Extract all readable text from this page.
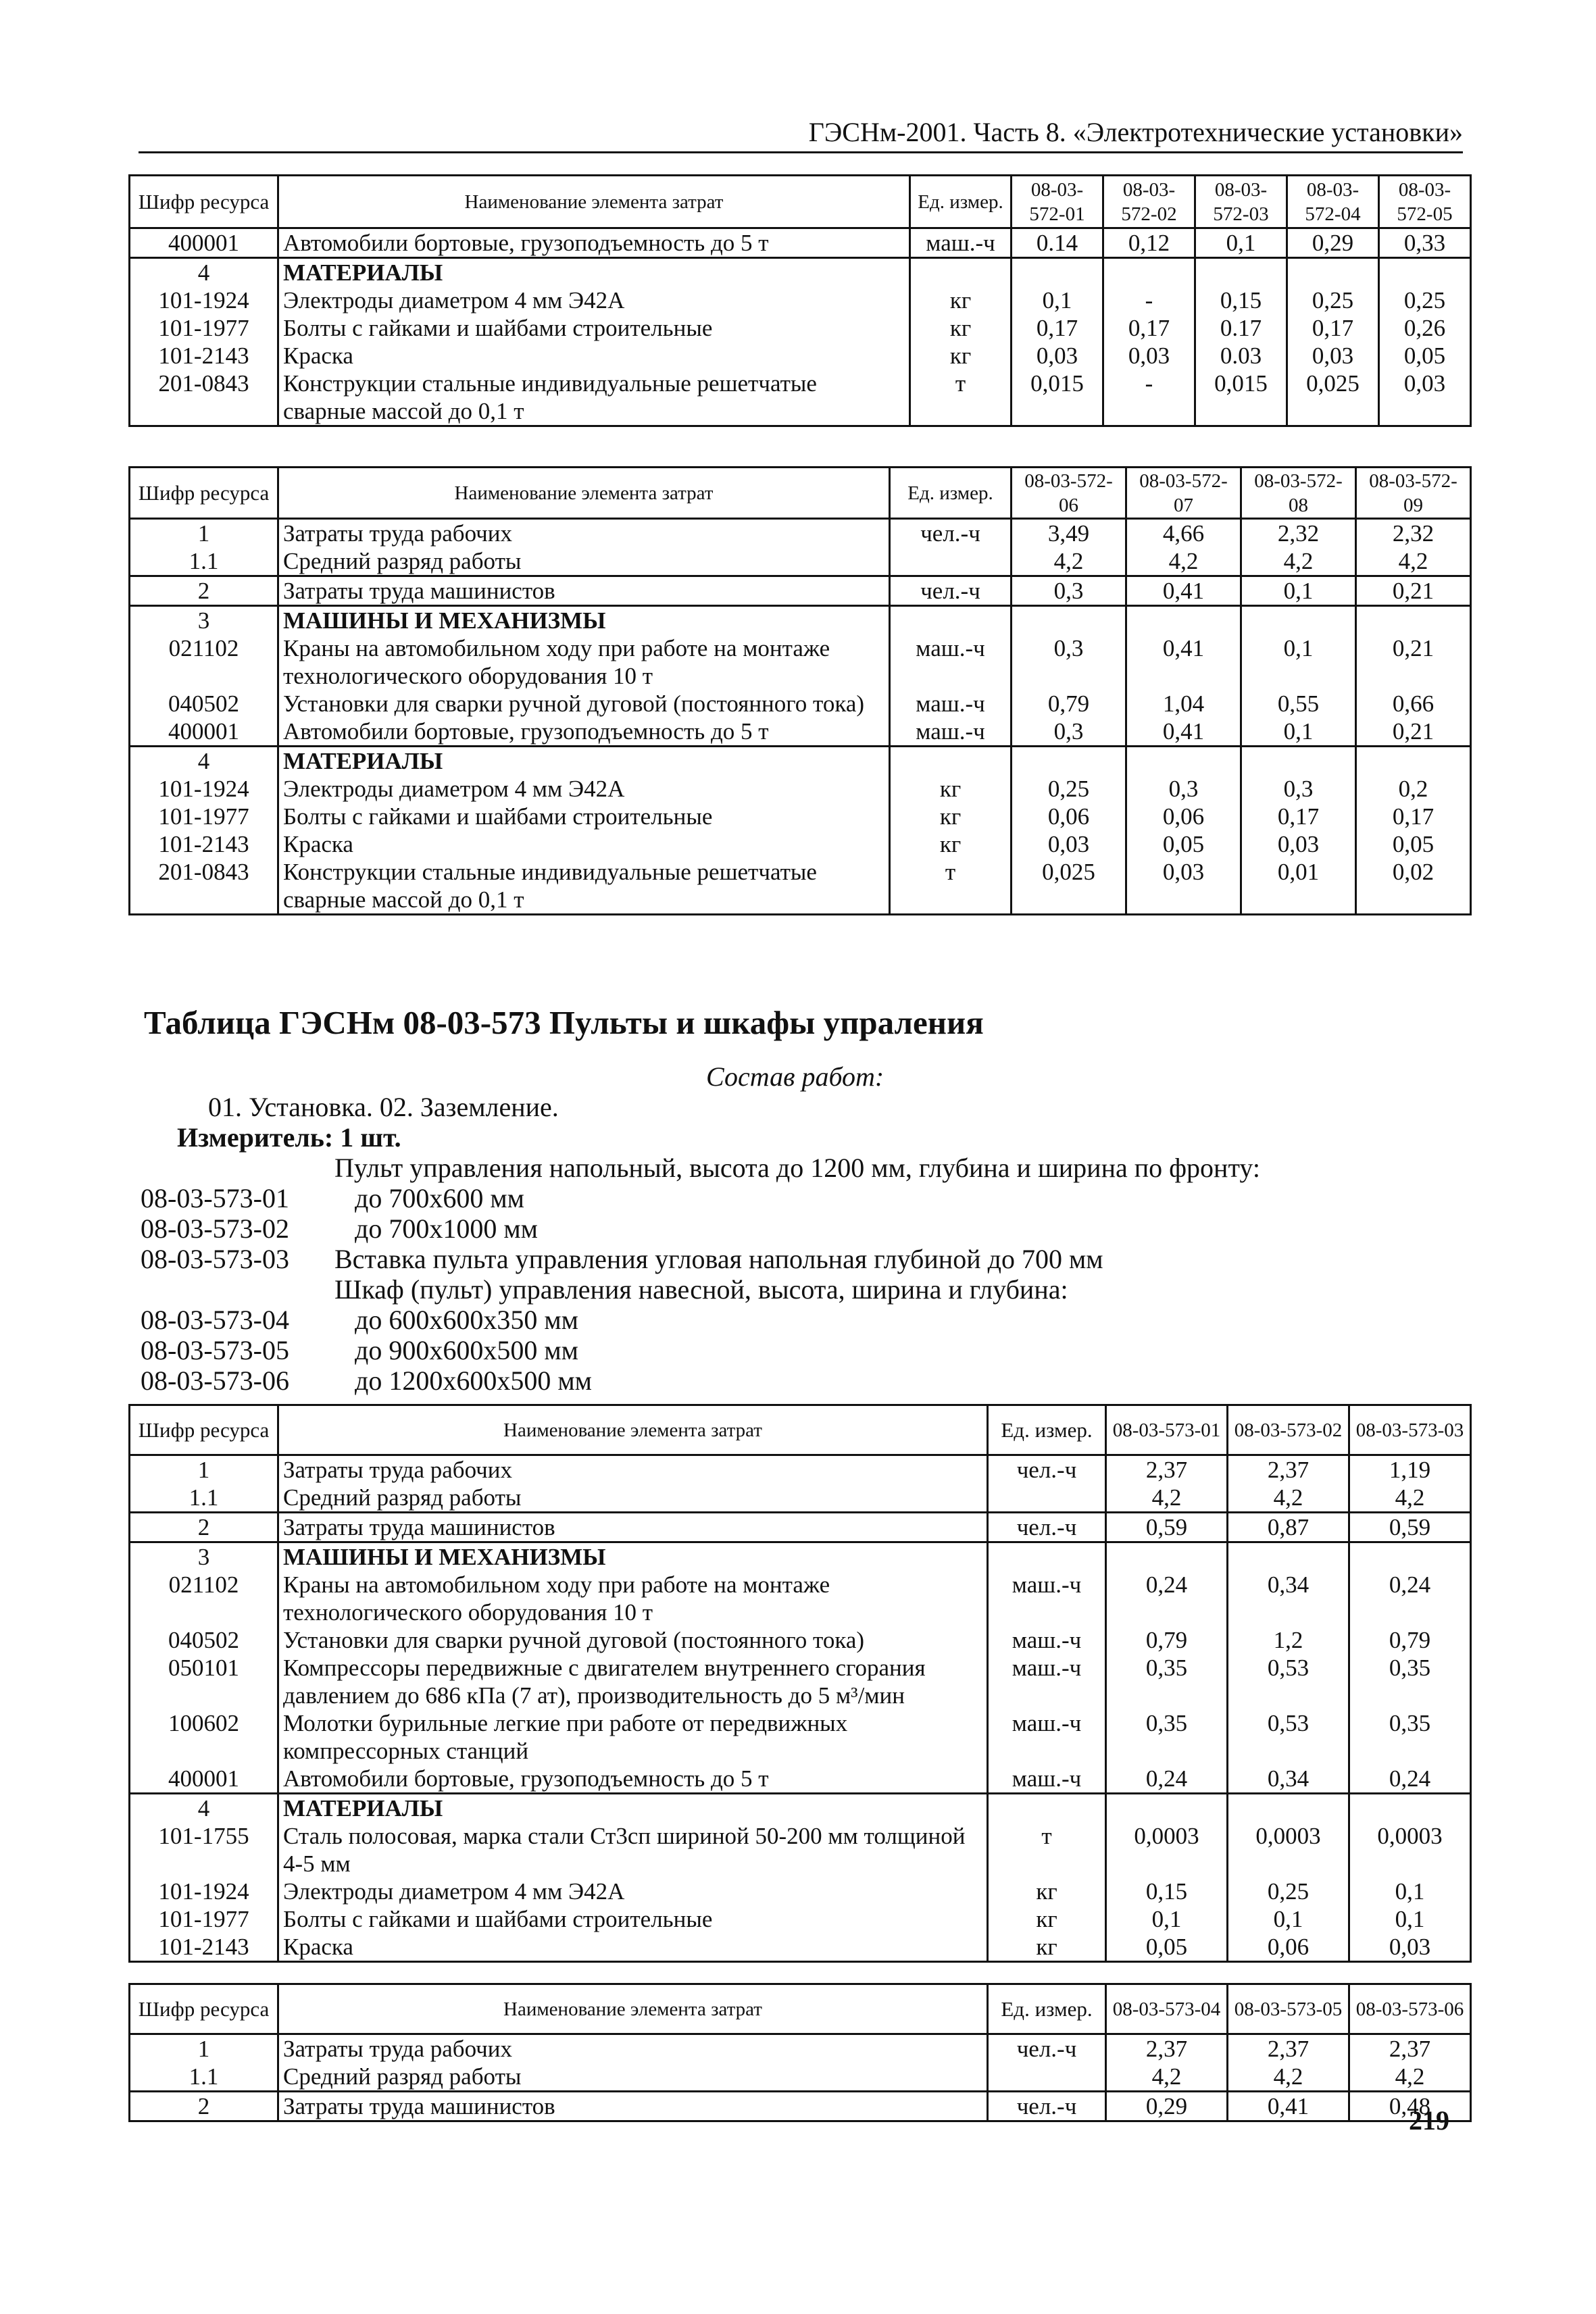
ГЭСНм-2001. Часть 8. «Электротехнические установки»
Шифр ресурса	Наименование элемента затрат	Ед. измер.	08-03-572-01	08-03-572-02	08-03-572-03	08-03-572-04	08-03-572-05
400001	Автомобили бортовые, грузоподъемность до 5 т	маш.-ч	0.14	0,12	0,1	0,29	0,33
4	МАТЕРИАЛЫ						
101-1924	Электроды диаметром 4 мм Э42А	кг	0,1	-	0,15	0,25	0,25
101-1977	Болты с гайками и шайбами строительные	кг	0,17	0,17	0.17	0,17	0,26
101-2143	Краска	кг	0,03	0,03	0.03	0,03	0,05
201-0843	Конструкции стальные индивидуальные решетчатые сварные массой до 0,1 т	т	0,015	-	0,015	0,025	0,03
Шифр ресурса	Наименование элемента затрат	Ед. измер.	08-03-572-06	08-03-572-07	08-03-572-08	08-03-572-09
1	Затраты труда рабочих	чел.-ч	3,49	4,66	2,32	2,32
1.1	Средний разряд работы		4,2	4,2	4,2	4,2
2	Затраты труда машинистов	чел.-ч	0,3	0,41	0,1	0,21
3	МАШИНЫ И МЕХАНИЗМЫ					
021102	Краны на автомобильном ходу при работе на монтаже технологического оборудования 10 т	маш.-ч	0,3	0,41	0,1	0,21
040502	Установки для сварки ручной дуговой (постоянного тока)	маш.-ч	0,79	1,04	0,55	0,66
400001	Автомобили бортовые, грузоподъемность до 5 т	маш.-ч	0,3	0,41	0,1	0,21
4	МАТЕРИАЛЫ					
101-1924	Электроды диаметром 4 мм Э42А	кг	0,25	0,3	0,3	0,2
101-1977	Болты с гайками и шайбами строительные	кг	0,06	0,06	0,17	0,17
101-2143	Краска	кг	0,03	0,05	0,03	0,05
201-0843	Конструкции стальные индивидуальные решетчатые сварные массой до 0,1 т	т	0,025	0,03	0,01	0,02
Таблица ГЭСНм 08-03-573 Пульты и шкафы упраления
Состав работ:
01. Установка. 02. Заземление.
Измеритель: 1 шт.
Пульт управления напольный, высота до 1200 мм, глубина и ширина по фронту:
08-03-573-01 до 700х600 мм
08-03-573-02 до 700х1000 мм
08-03-573-03 Вставка пульта управления угловая напольная глубиной до 700 мм
Шкаф (пульт) управления навесной, высота, ширина и глубина:
08-03-573-04 до 600х600х350 мм
08-03-573-05 до 900х600х500 мм
08-03-573-06 до 1200х600х500 мм
Шифр ресурса	Наименование элемента затрат	Ед. измер.	08-03-573-01	08-03-573-02	08-03-573-03
1	Затраты труда рабочих	чел.-ч	2,37	2,37	1,19
1.1	Средний разряд работы		4,2	4,2	4,2
2	Затраты труда машинистов	чел.-ч	0,59	0,87	0,59
3	МАШИНЫ И МЕХАНИЗМЫ				
021102	Краны на автомобильном ходу при работе на монтаже технологического оборудования 10 т	маш.-ч	0,24	0,34	0,24
040502	Установки для сварки ручной дуговой (постоянного тока)	маш.-ч	0,79	1,2	0,79
050101	Компрессоры передвижные с двигателем внутреннего сгорания давлением до 686 кПа (7 ат), производительность до 5 м³/мин	маш.-ч	0,35	0,53	0,35
100602	Молотки бурильные легкие при работе от передвижных компрессорных станций	маш.-ч	0,35	0,53	0,35
400001	Автомобили бортовые, грузоподъемность до 5 т	маш.-ч	0,24	0,34	0,24
4	МАТЕРИАЛЫ				
101-1755	Сталь полосовая, марка стали Ст3сп шириной 50-200 мм толщиной 4-5 мм	т	0,0003	0,0003	0,0003
101-1924	Электроды диаметром 4 мм Э42А	кг	0,15	0,25	0,1
101-1977	Болты с гайками и шайбами строительные	кг	0,1	0,1	0,1
101-2143	Краска	кг	0,05	0,06	0,03
Шифр ресурса	Наименование элемента затрат	Ед. измер.	08-03-573-04	08-03-573-05	08-03-573-06
1	Затраты труда рабочих	чел.-ч	2,37	2,37	2,37
1.1	Средний разряд работы		4,2	4,2	4,2
2	Затраты труда машинистов	чел.-ч	0,29	0,41	0,48
219
